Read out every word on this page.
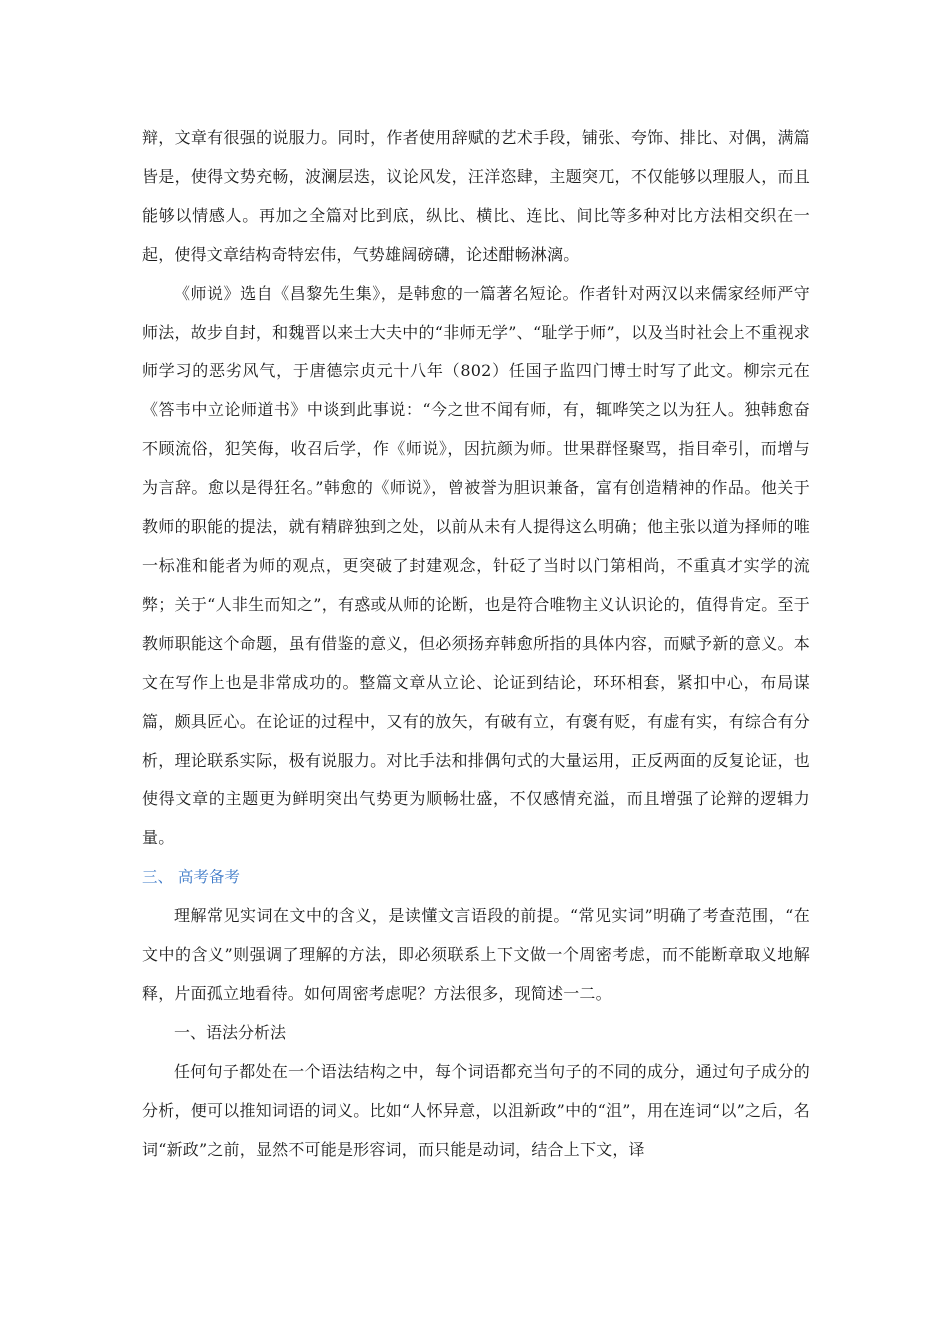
辩，文章有很强的说服力。同时，作者使用辞赋的艺术手段，铺张、夸饰、排比、对偶，满篇皆是，使得文势充畅，波澜层迭，议论风发，汪洋恣肆，主题突兀，不仅能够以理服人，而且能够以情感人。再加之全篇对比到底，纵比、横比、连比、间比等多种对比方法相交织在一起，使得文章结构奇特宏伟，气势雄阔磅礴，论述酣畅淋漓。

《师说》选自《昌黎先生集》，是韩愈的一篇著名短论。作者针对两汉以来儒家经师严守师法，故步自封，和魏晋以来士大夫中的“非师无学”、“耻学于师”，以及当时社会上不重视求师学习的恶劣风气，于唐德宗贞元十八年（802）任国子监四门博士时写了此文。柳宗元在《答韦中立论师道书》中谈到此事说：“今之世不闻有师，有，辄哗笑之以为狂人。独韩愈奋不顾流俗，犯笑侮，收召后学，作《师说》，因抗颜为师。世果群怪聚骂，指目牵引，而增与为言辞。愈以是得狂名。”韩愈的《师说》，曾被誉为胆识兼备，富有创造精神的作品。他关于教师的职能的提法，就有精辟独到之处，以前从未有人提得这么明确；他主张以道为择师的唯一标准和能者为师的观点，更突破了封建观念，针砭了当时以门第相尚，不重真才实学的流弊；关于“人非生而知之”，有惑或从师的论断，也是符合唯物主义认识论的，值得肯定。至于教师职能这个命题，虽有借鉴的意义，但必须扬弃韩愈所指的具体内容，而赋予新的意义。本文在写作上也是非常成功的。整篇文章从立论、论证到结论，环环相套，紧扣中心，布局谋篇，颇具匠心。在论证的过程中，又有的放矢，有破有立，有褒有贬，有虚有实，有综合有分析，理论联系实际，极有说服力。对比手法和排偶句式的大量运用，正反两面的反复论证，也使得文章的主题更为鲜明突出气势更为顺畅壮盛，不仅感情充溢，而且增强了论辩的逻辑力量。

三、 高考备考

理解常见实词在文中的含义，是读懂文言语段的前提。“常见实词”明确了考查范围，“在文中的含义”则强调了理解的方法，即必须联系上下文做一个周密考虑，而不能断章取义地解释，片面孤立地看待。如何周密考虑呢？方法很多，现简述一二。

一、语法分析法

任何句子都处在一个语法结构之中，每个词语都充当句子的不同的成分，通过句子成分的分析，便可以推知词语的词义。比如“人怀异意，以沮新政”中的“沮”，用在连词“以”之后，名词“新政”之前，显然不可能是形容词，而只能是动词，结合上下文，译
